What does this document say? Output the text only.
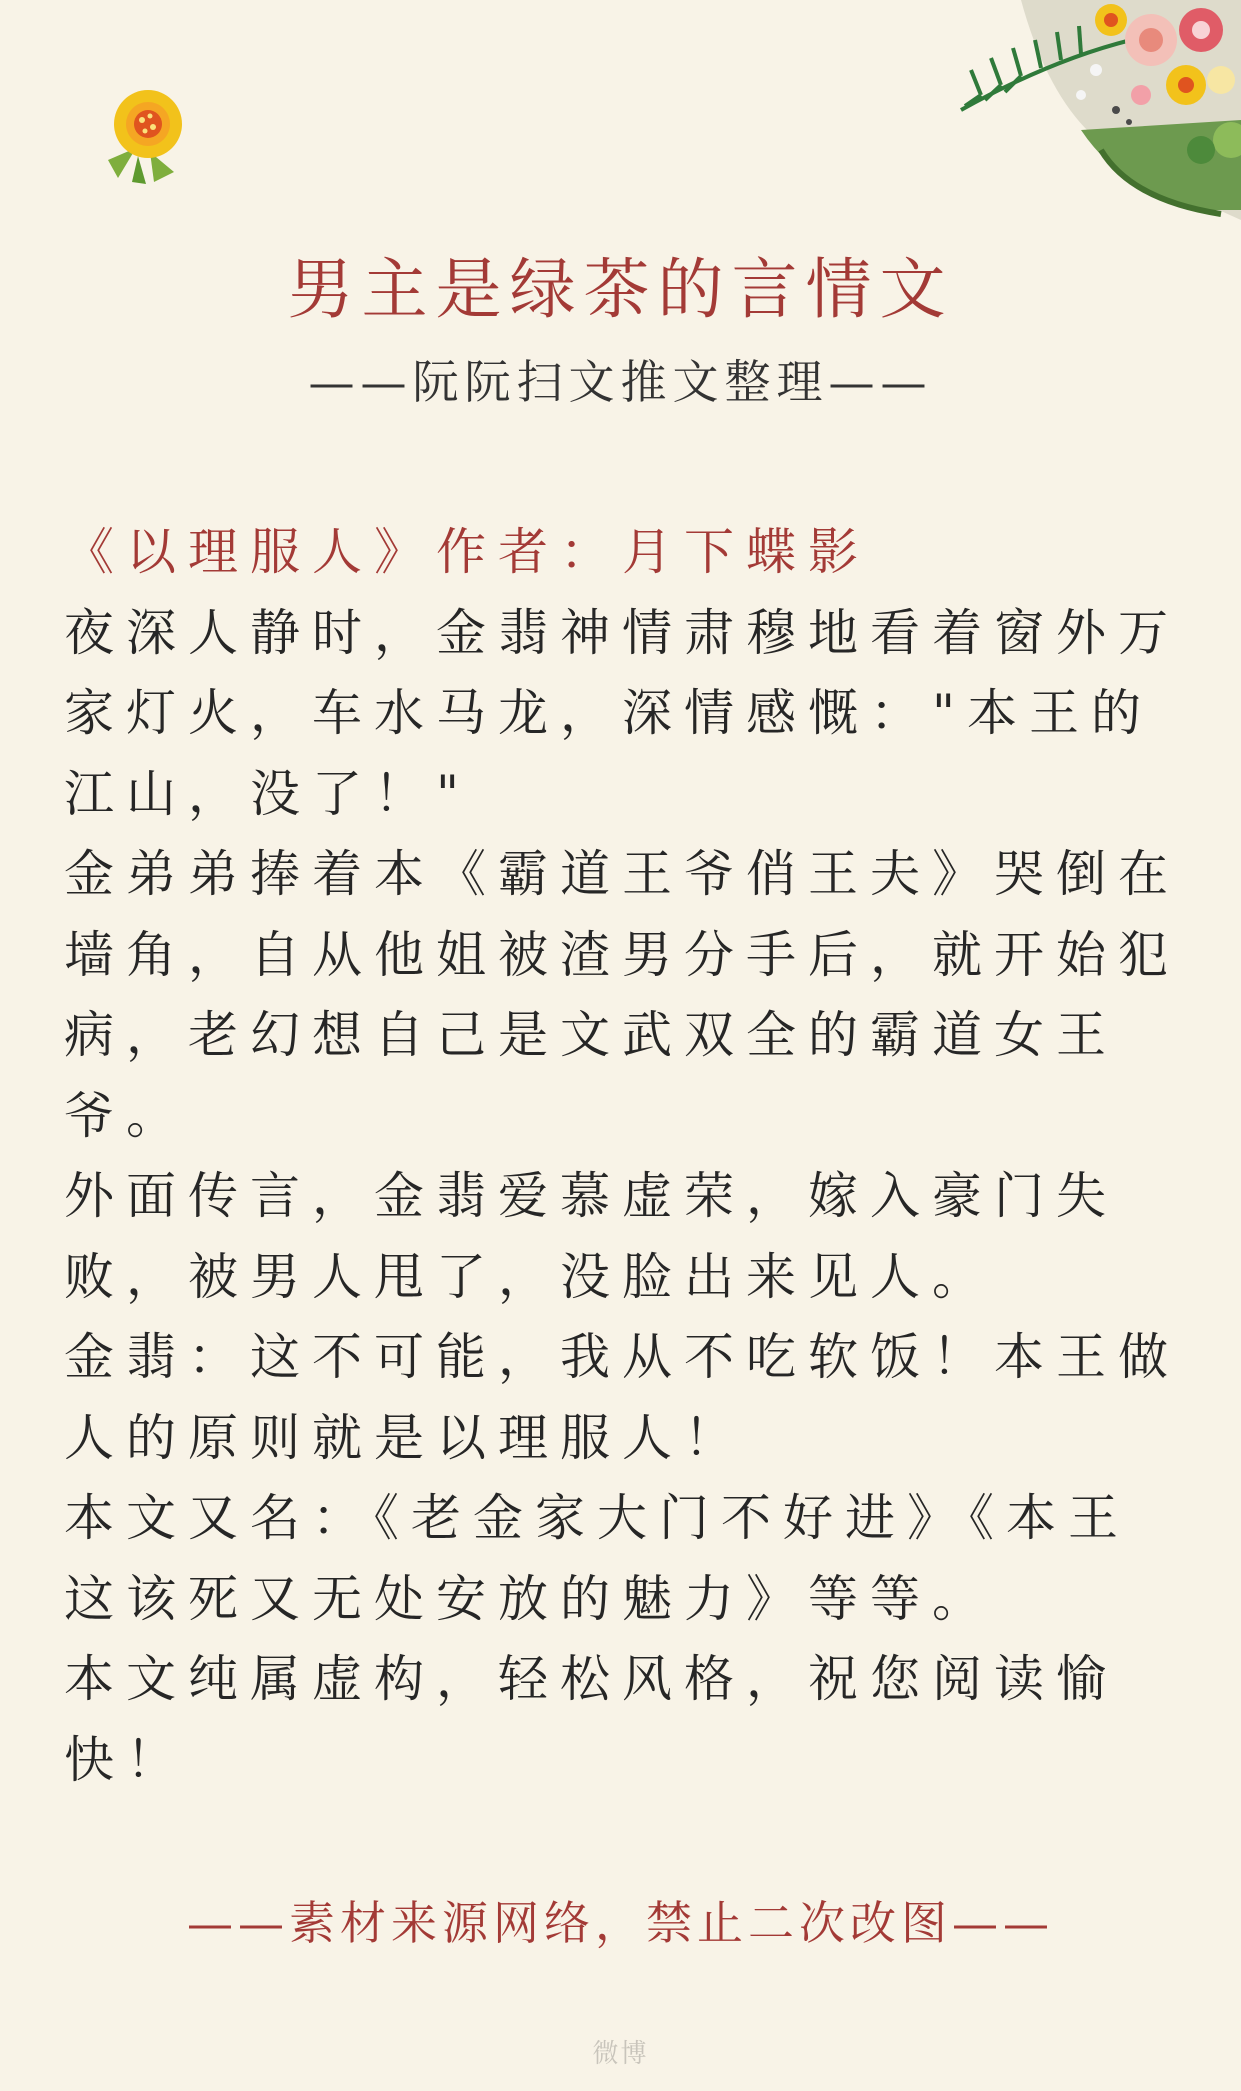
男主是绿茶的言情文
——阮阮扫文推文整理——

《以理服人》作者：月下蝶影

夜深人静时，金翡神情肃穆地看着窗外万家灯火，车水马龙，深情感慨："本王的江山，没了！"

金弟弟捧着本《霸道王爷俏王夫》哭倒在墙角，自从他姐被渣男分手后，就开始犯病，老幻想自己是文武双全的霸道女王爷。

外面传言，金翡爱慕虚荣，嫁入豪门失败，被男人甩了，没脸出来见人。

金翡：这不可能，我从不吃软饭！本王做人的原则就是以理服人！

本文又名：《老金家大门不好进》《本王这该死又无处安放的魅力》等等。

本文纯属虚构，轻松风格，祝您阅读愉快！

——素材来源网络，禁止二次改图——
微博
